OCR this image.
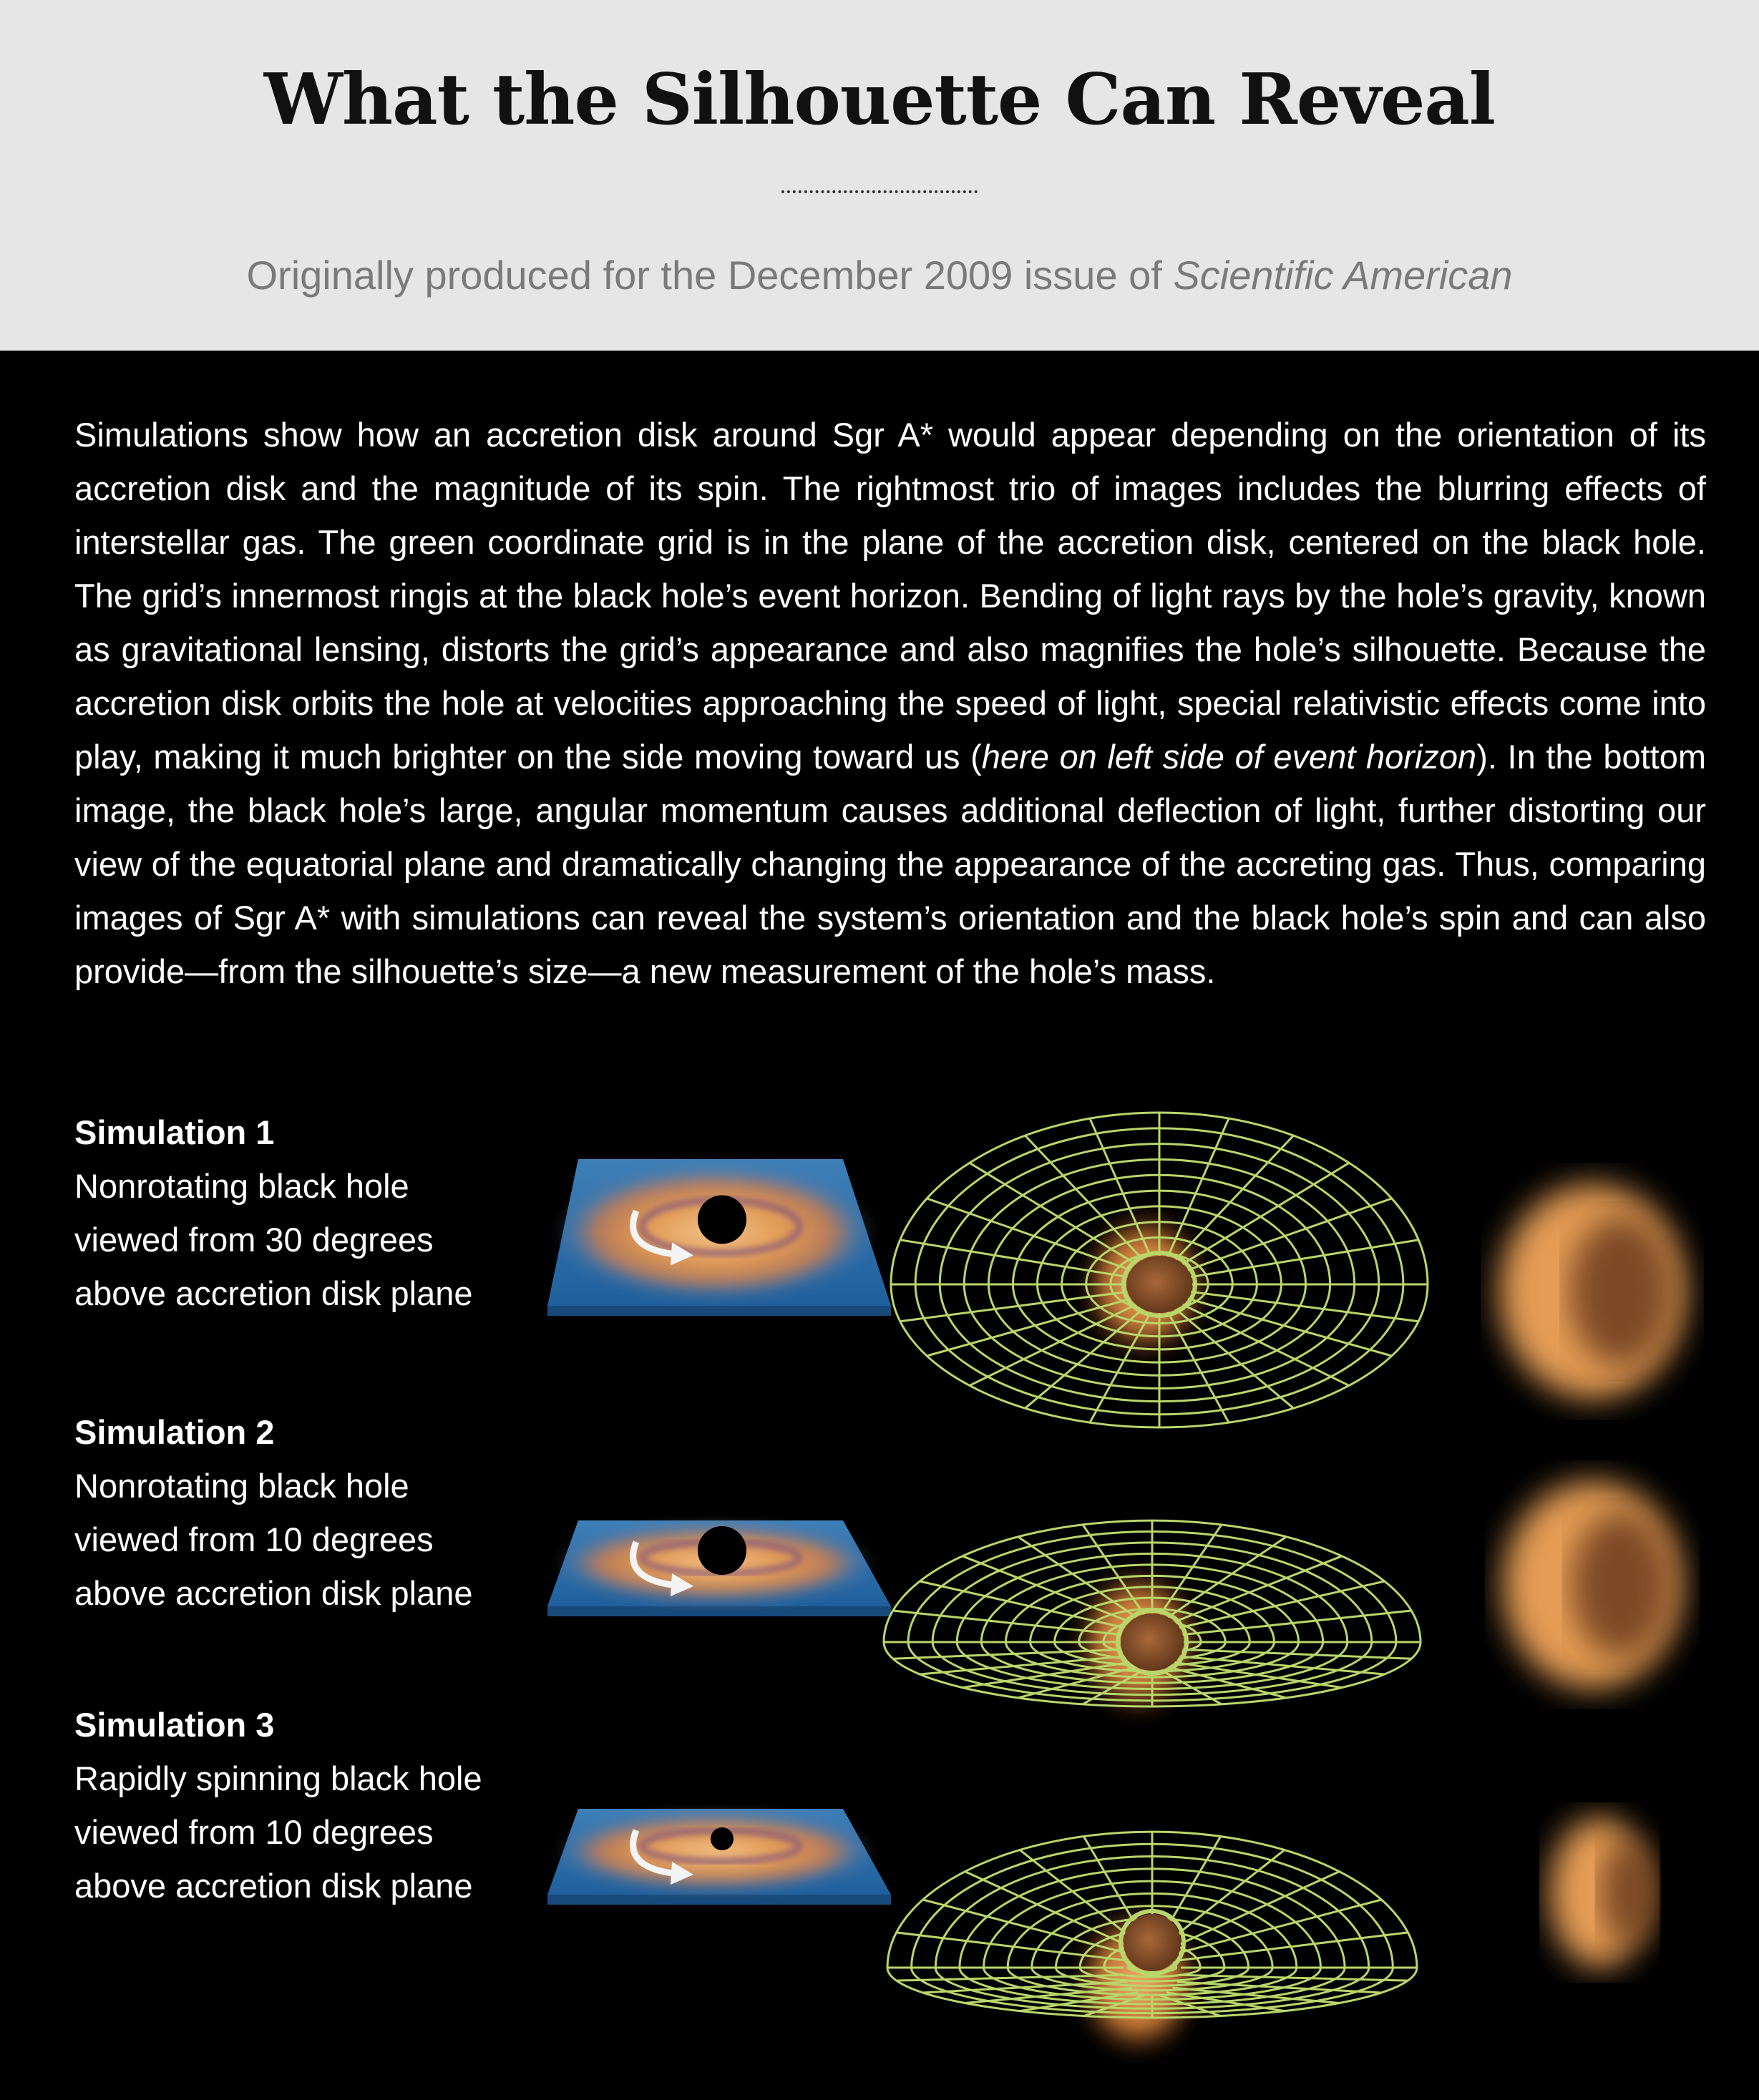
What the Silhouette Can Reveal
Originally produced for the December 2009 issue of Scientific American
Simulations show how an accretion disk around Sgr A* would appear depending on the orientation of its accretion disk and the magnitude of its spin. The rightmost trio of images includes the blurring effects of interstellar gas. The green coordinate grid is in the plane of the accretion disk, centered on the black hole. The grid’s innermost ringis at the black hole’s event horizon. Bending of light rays by the hole’s gravity, known as gravitational lensing, distorts the grid’s appearance and also magnifies the hole’s silhouette. Because the accretion disk orbits the hole at velocities approaching the speed of light, special relativistic effects come into play, making it much brighter on the side moving toward us (here on left side of event horizon). In the bottom image, the black hole’s large, angular momentum causes additional deflection of light, further distorting our view of the equatorial plane and dramatically changing the appearance of the accreting gas. Thus, comparing images of Sgr A* with simulations can reveal the system’s orientation and the black hole’s spin and can also provide—from the silhouette’s size—a new measurement of the hole’s mass.
Simulation 1
Nonrotating black hole
viewed from 30 degrees
above accretion disk plane
Simulation 2
Nonrotating black hole
viewed from 10 degrees
above accretion disk plane
Simulation 3
Rapidly spinning black hole
viewed from 10 degrees
above accretion disk plane
